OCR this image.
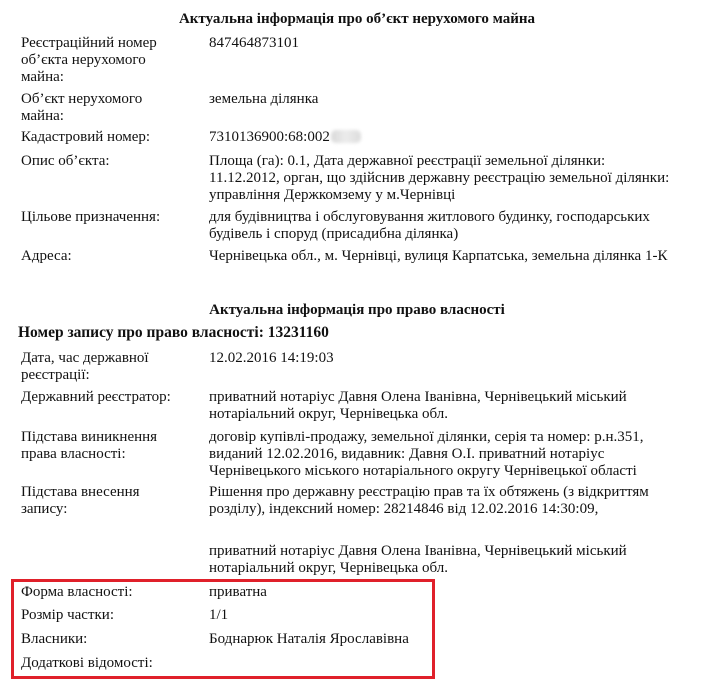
Актуальна інформація про об’єкт нерухомого майна
Реєстраційний номер об’єкта нерухомого майна:
847464873101
Об’єкт нерухомого майна:
земельна ділянка
Кадастровий номер:	7310136900:68:002
Опис об’єкта:	Площа (га): 0.1, Дата державної реєстрації земельної ділянки: 11.12.2012, орган, що здійснив державну реєстрацію земельної ділянки: управління Держкомзему у м.Чернівці
Цільове призначення:	для будівництва і обслуговування житлового будинку, господарських будівель і споруд (присадибна ділянка)
Адреса:	Чернівецька обл., м. Чернівці, вулиця Карпатська, земельна ділянка 1-К
Актуальна інформація про право власності
Номер запису про право власності: 13231160
Дата, час державної реєстрації:
12.02.2016 14:19:03
Державний реєстратор:	приватний нотаріус Давня Олена Іванівна, Чернівецький міський нотаріальний округ, Чернівецька обл.
Підстава виникнення права власності:
договір купівлі-продажу, земельної ділянки, серія та номер: р.н.351, виданий 12.02.2016, видавник: Давня О.І. приватний нотаріус Чернівецького міського нотаріального округу Чернівецької області
Підстава внесення запису:
Рішення про державну реєстрацію прав та їх обтяжень (з відкриттям розділу), індексний номер: 28214846 від 12.02.2016 14:30:09,
приватний нотаріус Давня Олена Іванівна, Чернівецький міський нотаріальний округ, Чернівецька обл.
Форма власності:	приватна
Розмір частки:	1/1
Власники:	Боднарюк Наталія Ярославівна
Додаткові відомості:
